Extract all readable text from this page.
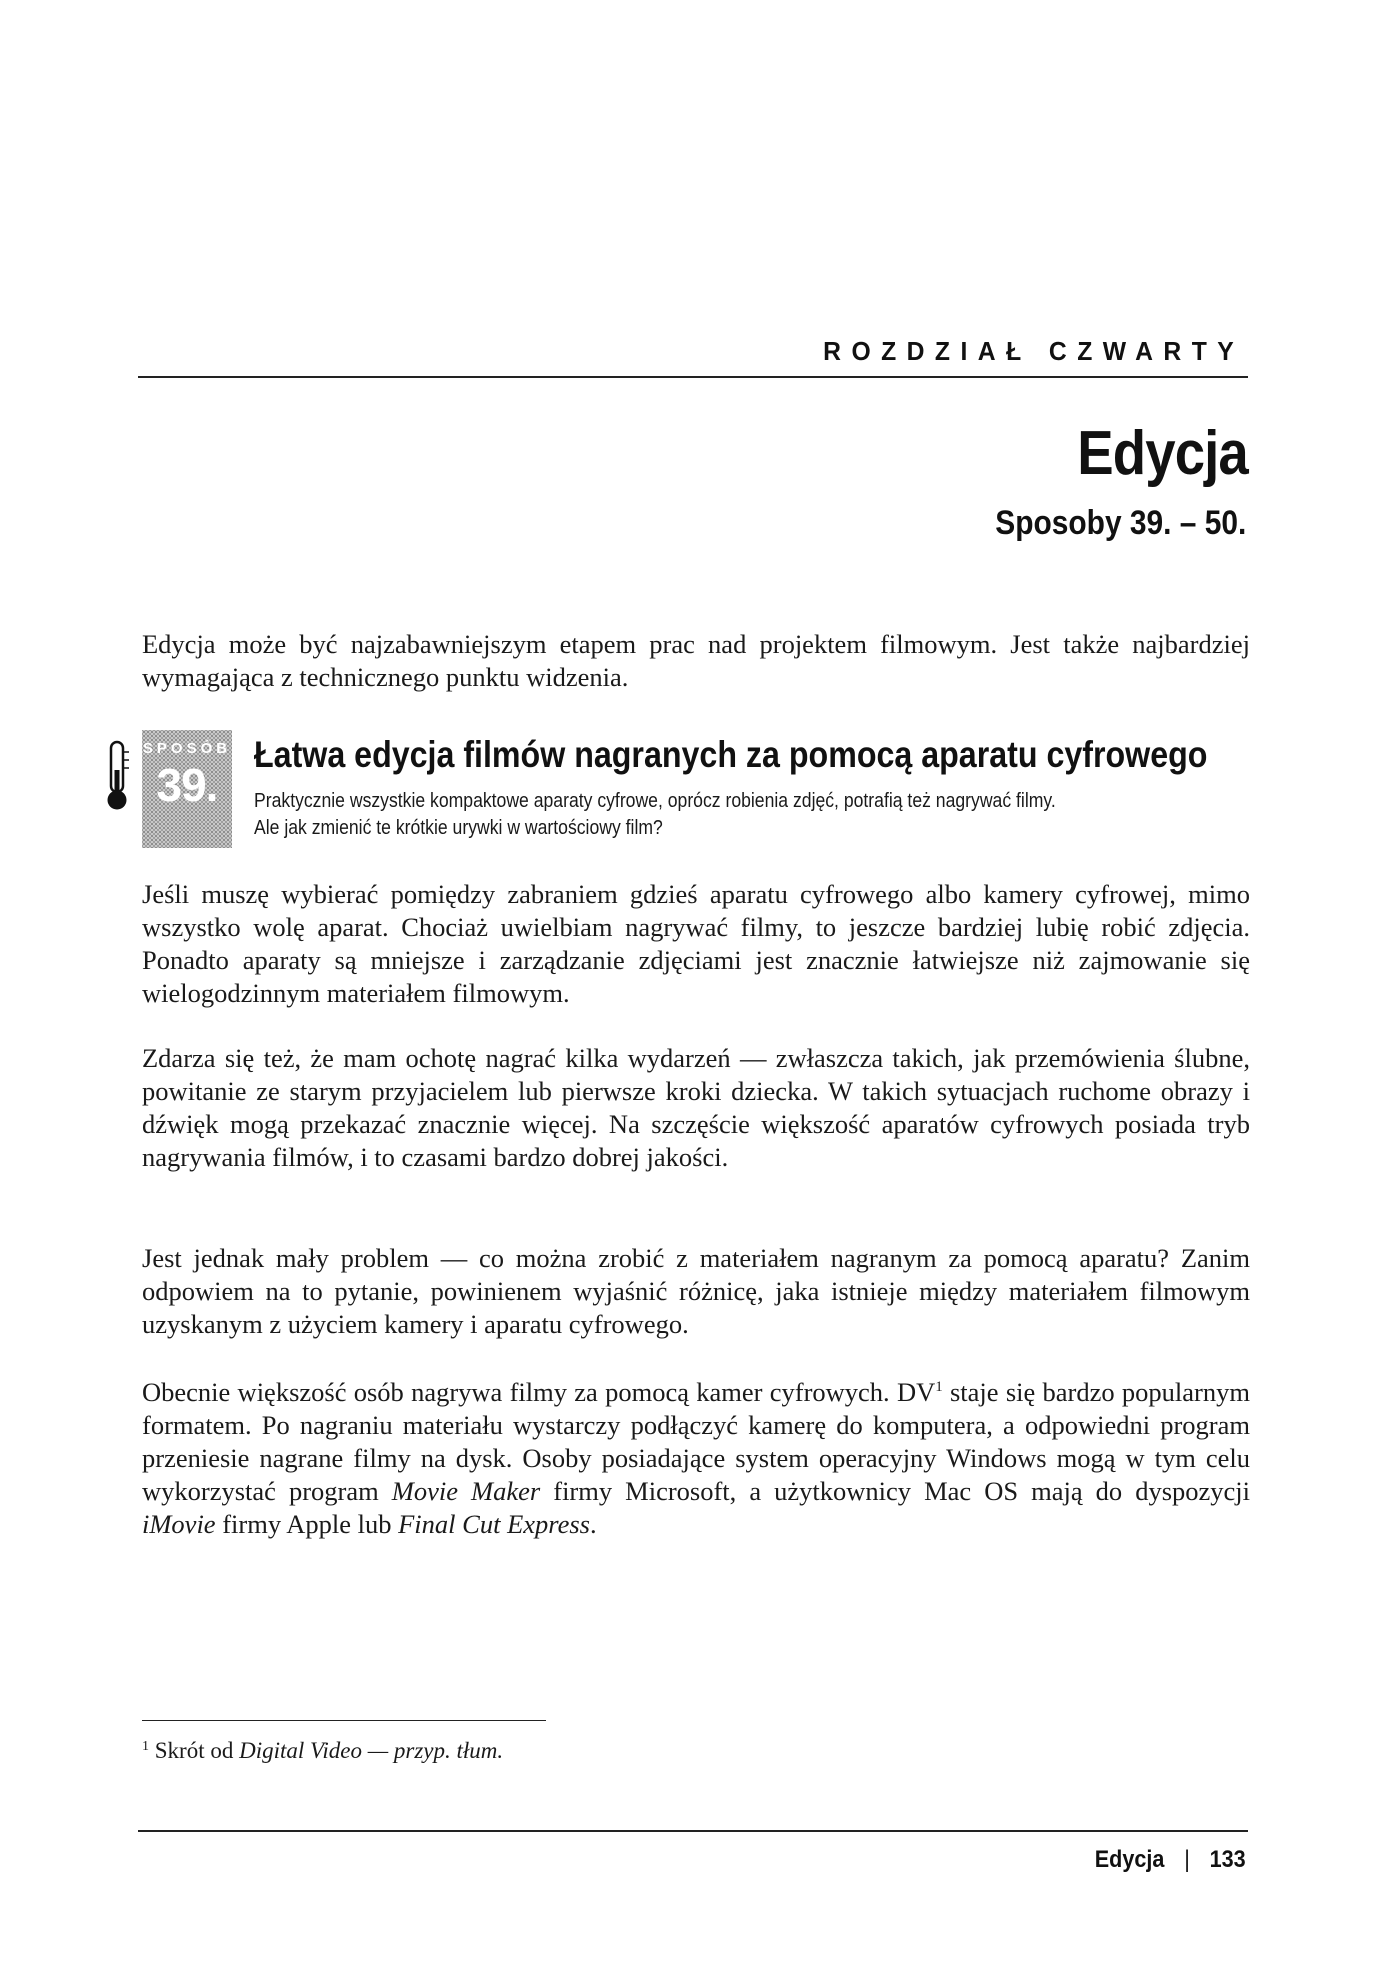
ROZDZIAŁ CZWARTY
Edycja
Sposoby 39. – 50.

Edycja może być najzabawniejszym etapem prac nad projektem filmowym. Jest także najbardziej wymagająca z technicznego punktu widzenia.

SPOSÓB
39.
Łatwa edycja filmów nagranych za pomocą aparatu cyfrowego
Praktycznie wszystkie kompaktowe aparaty cyfrowe, oprócz robienia zdjęć, potrafią też nagrywać filmy.
Ale jak zmienić te krótkie urywki w wartościowy film?

Jeśli muszę wybierać pomiędzy zabraniem gdzieś aparatu cyfrowego albo kamery cyfrowej, mimo wszystko wolę aparat. Chociaż uwielbiam nagrywać filmy, to jeszcze bardziej lubię robić zdjęcia. Ponadto aparaty są mniejsze i zarządzanie zdjęciami jest znacznie łatwiejsze niż zajmowanie się wielogodzinnym materiałem filmowym.

Zdarza się też, że mam ochotę nagrać kilka wydarzeń — zwłaszcza takich, jak przemówienia ślubne, powitanie ze starym przyjacielem lub pierwsze kroki dziecka. W takich sytuacjach ruchome obrazy i dźwięk mogą przekazać znacznie więcej. Na szczęście większość aparatów cyfrowych posiada tryb nagrywania filmów, i to czasami bardzo dobrej jakości.

Jest jednak mały problem — co można zrobić z materiałem nagranym za pomocą aparatu? Zanim odpowiem na to pytanie, powinienem wyjaśnić różnicę, jaka istnieje między materiałem filmowym uzyskanym z użyciem kamery i aparatu cyfrowego.

Obecnie większość osób nagrywa filmy za pomocą kamer cyfrowych. $DV^1$ staje się bardzo popularnym formatem. Po nagraniu materiału wystarczy podłączyć kamerę do komputera, a odpowiedni program przeniesie nagrane filmy na dysk. Osoby posiadające system operacyjny Windows mogą w tym celu wykorzystać program Movie Maker firmy Microsoft, a użytkownicy Mac OS mają do dyspozycji iMovie firmy Apple lub Final Cut Express.

$^1$ Skrót od Digital Video — przyp. tłum.
Edycja | 133
